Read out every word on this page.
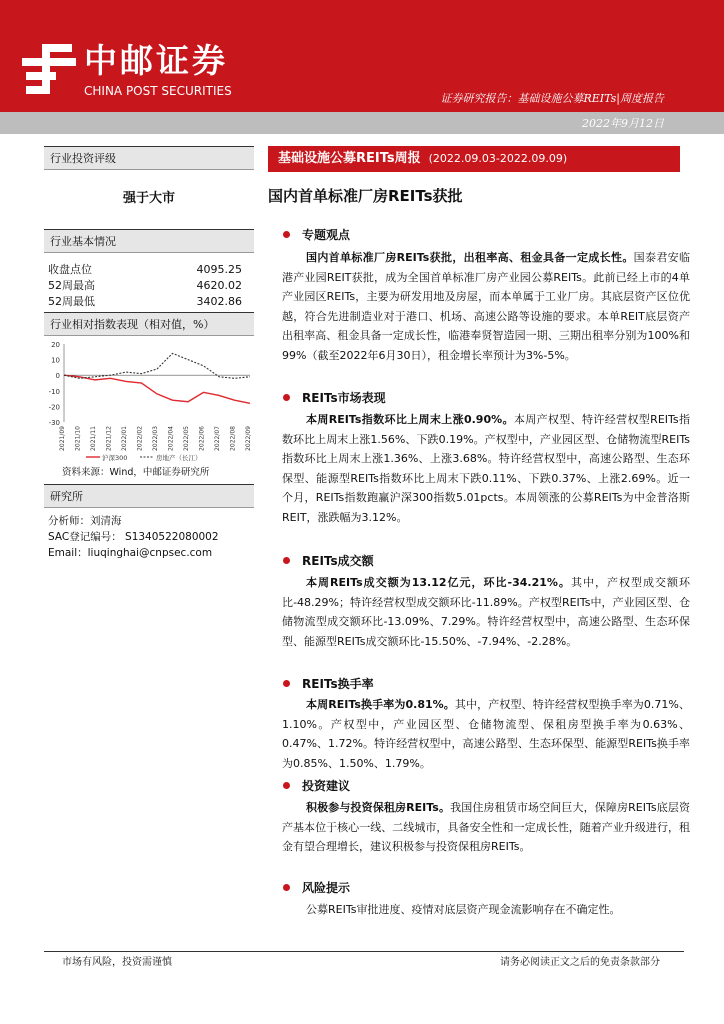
中邮证券
CHINA POST SECURITIES
证券研究报告：基础设施公募REITs|周度报告
2022年9月12日
行业投资评级
强于大市
行业基本情况
收盘点位	4095.25
52周最高	4620.02
52周最低	3402.86
行业相对指数表现（相对值，%）
20
10
0
-10
-20
-30
2021/09 2021/10 2021/11 2021/12 2022/01 2022/02 2022/03 2022/04 2022/05 2022/06 2022/07 2022/08 2022/09
沪深300	房地产（长江）
资料来源：Wind，中邮证券研究所
研究所
分析师：刘清海
SAC登记编号： S1340522080002
Email：liuqinghai@cnpsec.com
基础设施公募REITs周报 (2022.09.03-2022.09.09)
国内首单标准厂房REITs获批
专题观点
国内首单标准厂房REITs获批，出租率高、租金具备一定成长性。国泰君安临港产业园REIT获批，成为全国首单标准厂房产业园公募REITs。此前已经上市的4单产业园区REITs，主要为研发用地及房屋，而本单属于工业厂房。其底层资产区位优越，符合先进制造业对于港口、机场、高速公路等设施的要求。本单REIT底层资产出租率高、租金具备一定成长性，临港奉贤智造园一期、三期出租率分别为100%和99%（截至2022年6月30日），租金增长率预计为3%-5%。
REITs市场表现
本周REITs指数环比上周末上涨0.90%。本周产权型、特许经营权型REITs指数环比上周末上涨1.56%、下跌0.19%。产权型中，产业园区型、仓储物流型REITs指数环比上周末上涨1.36%、上涨3.68%。特许经营权型中，高速公路型、生态环保型、能源型REITs指数环比上周末下跌0.11%、下跌0.37%、上涨2.69%。近一个月，REITs指数跑赢沪深300指数5.01pcts。本周领涨的公募REITs为中金普洛斯REIT，涨跌幅为3.12%。
REITs成交额
本周REITs成交额为13.12亿元，环比-34.21%。其中，产权型成交额环比-48.29%；特许经营权型成交额环比-11.89%。产权型REITs中，产业园区型、仓储物流型成交额环比-13.09%、7.29%。特许经营权型中，高速公路型、生态环保型、能源型REITs成交额环比-15.50%、-7.94%、-2.28%。
REITs换手率
本周REITs换手率为0.81%。其中，产权型、特许经营权型换手率为0.71%、1.10%。产权型中，产业园区型、仓储物流型、保租房型换手率为0.63%、0.47%、1.72%。特许经营权型中，高速公路型、生态环保型、能源型REITs换手率为0.85%、1.50%、1.79%。
投资建议
积极参与投资保租房REITs。我国住房租赁市场空间巨大，保障房REITs底层资产基本位于核心一线、二线城市，具备安全性和一定成长性，随着产业升级进行，租金有望合理增长，建议积极参与投资保租房REITs。
风险提示
公募REITs审批进度、疫情对底层资产现金流影响存在不确定性。
市场有风险，投资需谨慎	请务必阅读正文之后的免责条款部分
